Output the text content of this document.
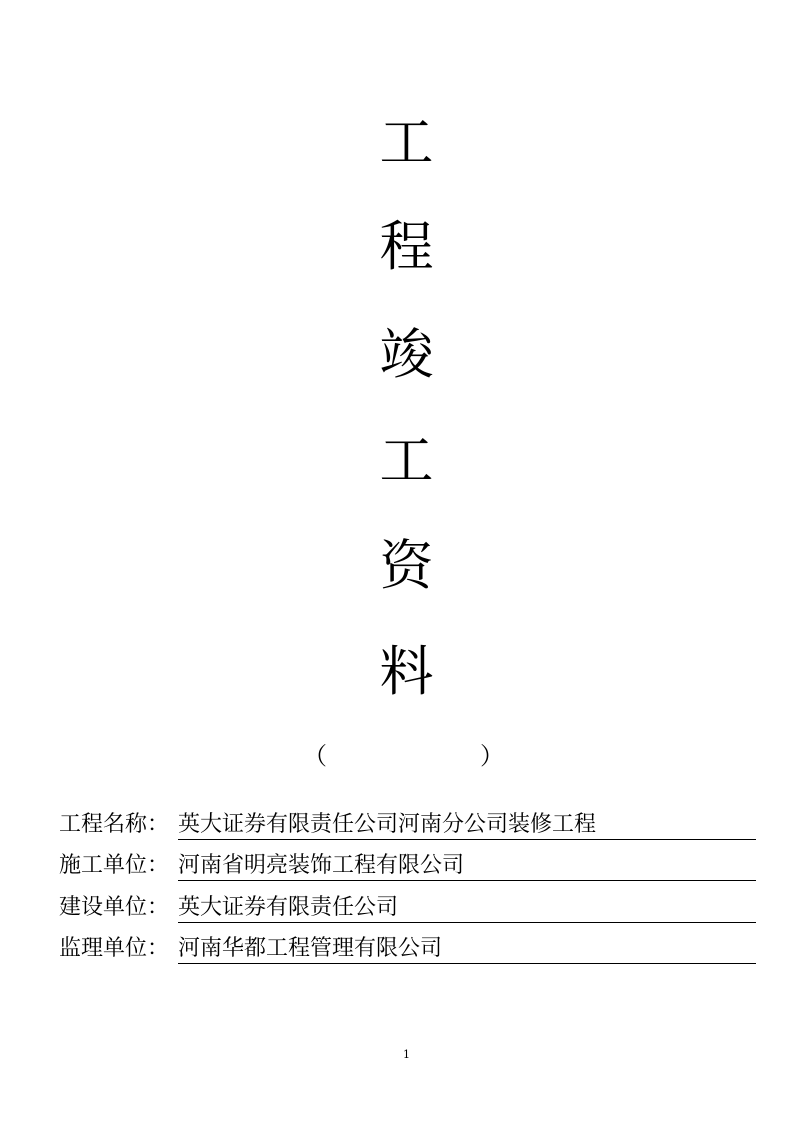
工
程
竣
工
资
料
（	）
工程名称： 英大证券有限责任公司河南分公司装修工程
施工单位： 河南省明亮装饰工程有限公司
建设单位： 英大证券有限责任公司
监理单位： 河南华都工程管理有限公司
1
